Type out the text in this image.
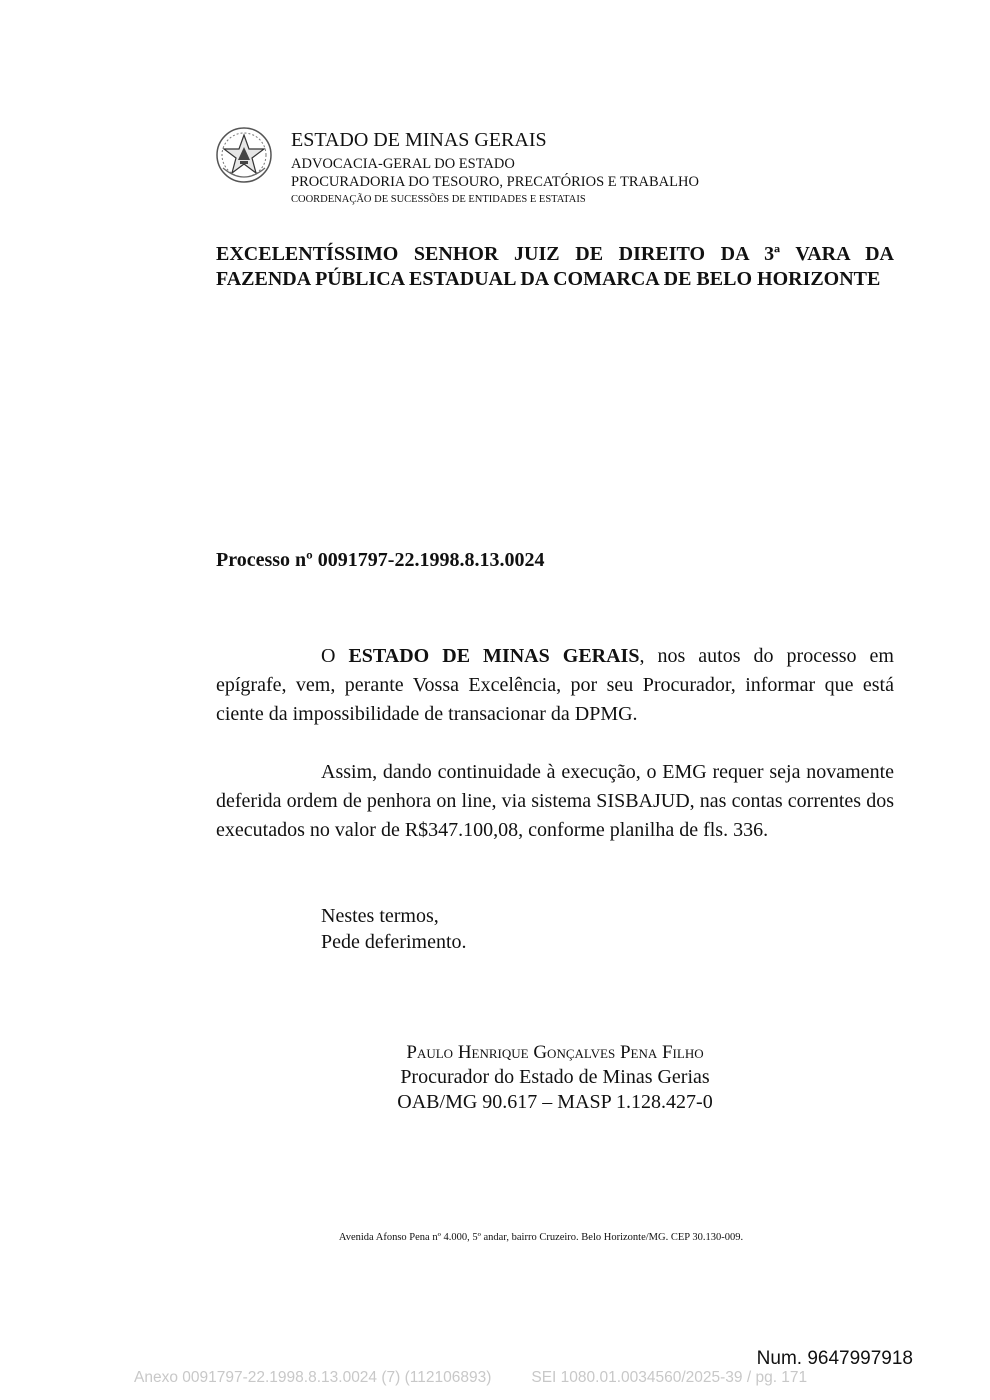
ESTADO DE MINAS GERAIS
ADVOCACIA-GERAL DO ESTADO
PROCURADORIA DO TESOURO, PRECATÓRIOS E TRABALHO
COORDENAÇÃO DE SUCESSÕES DE ENTIDADES E ESTATAIS
EXCELENTÍSSIMO SENHOR JUIZ DE DIREITO DA 3ª VARA DA FAZENDA PÚBLICA ESTADUAL DA COMARCA DE BELO HORIZONTE
Processo nº 0091797-22.1998.8.13.0024
O ESTADO DE MINAS GERAIS, nos autos do processo em epígrafe, vem, perante Vossa Excelência, por seu Procurador, informar que está ciente da impossibilidade de transacionar da DPMG.
Assim, dando continuidade à execução, o EMG requer seja novamente deferida ordem de penhora on line, via sistema SISBAJUD, nas contas correntes dos executados no valor de R$347.100,08, conforme planilha de fls. 336.
Nestes termos,
Pede deferimento.
Paulo Henrique Gonçalves Pena Filho
Procurador do Estado de Minas Gerias
OAB/MG 90.617 – MASP 1.128.427-0
Avenida Afonso Pena nº 4.000, 5º andar, bairro Cruzeiro. Belo Horizonte/MG. CEP 30.130-009.
Num. 9647997918
Anexo 0091797-22.1998.8.13.0024 (7) (112106893)	SEI 1080.01.0034560/2025-39 / pg. 171
